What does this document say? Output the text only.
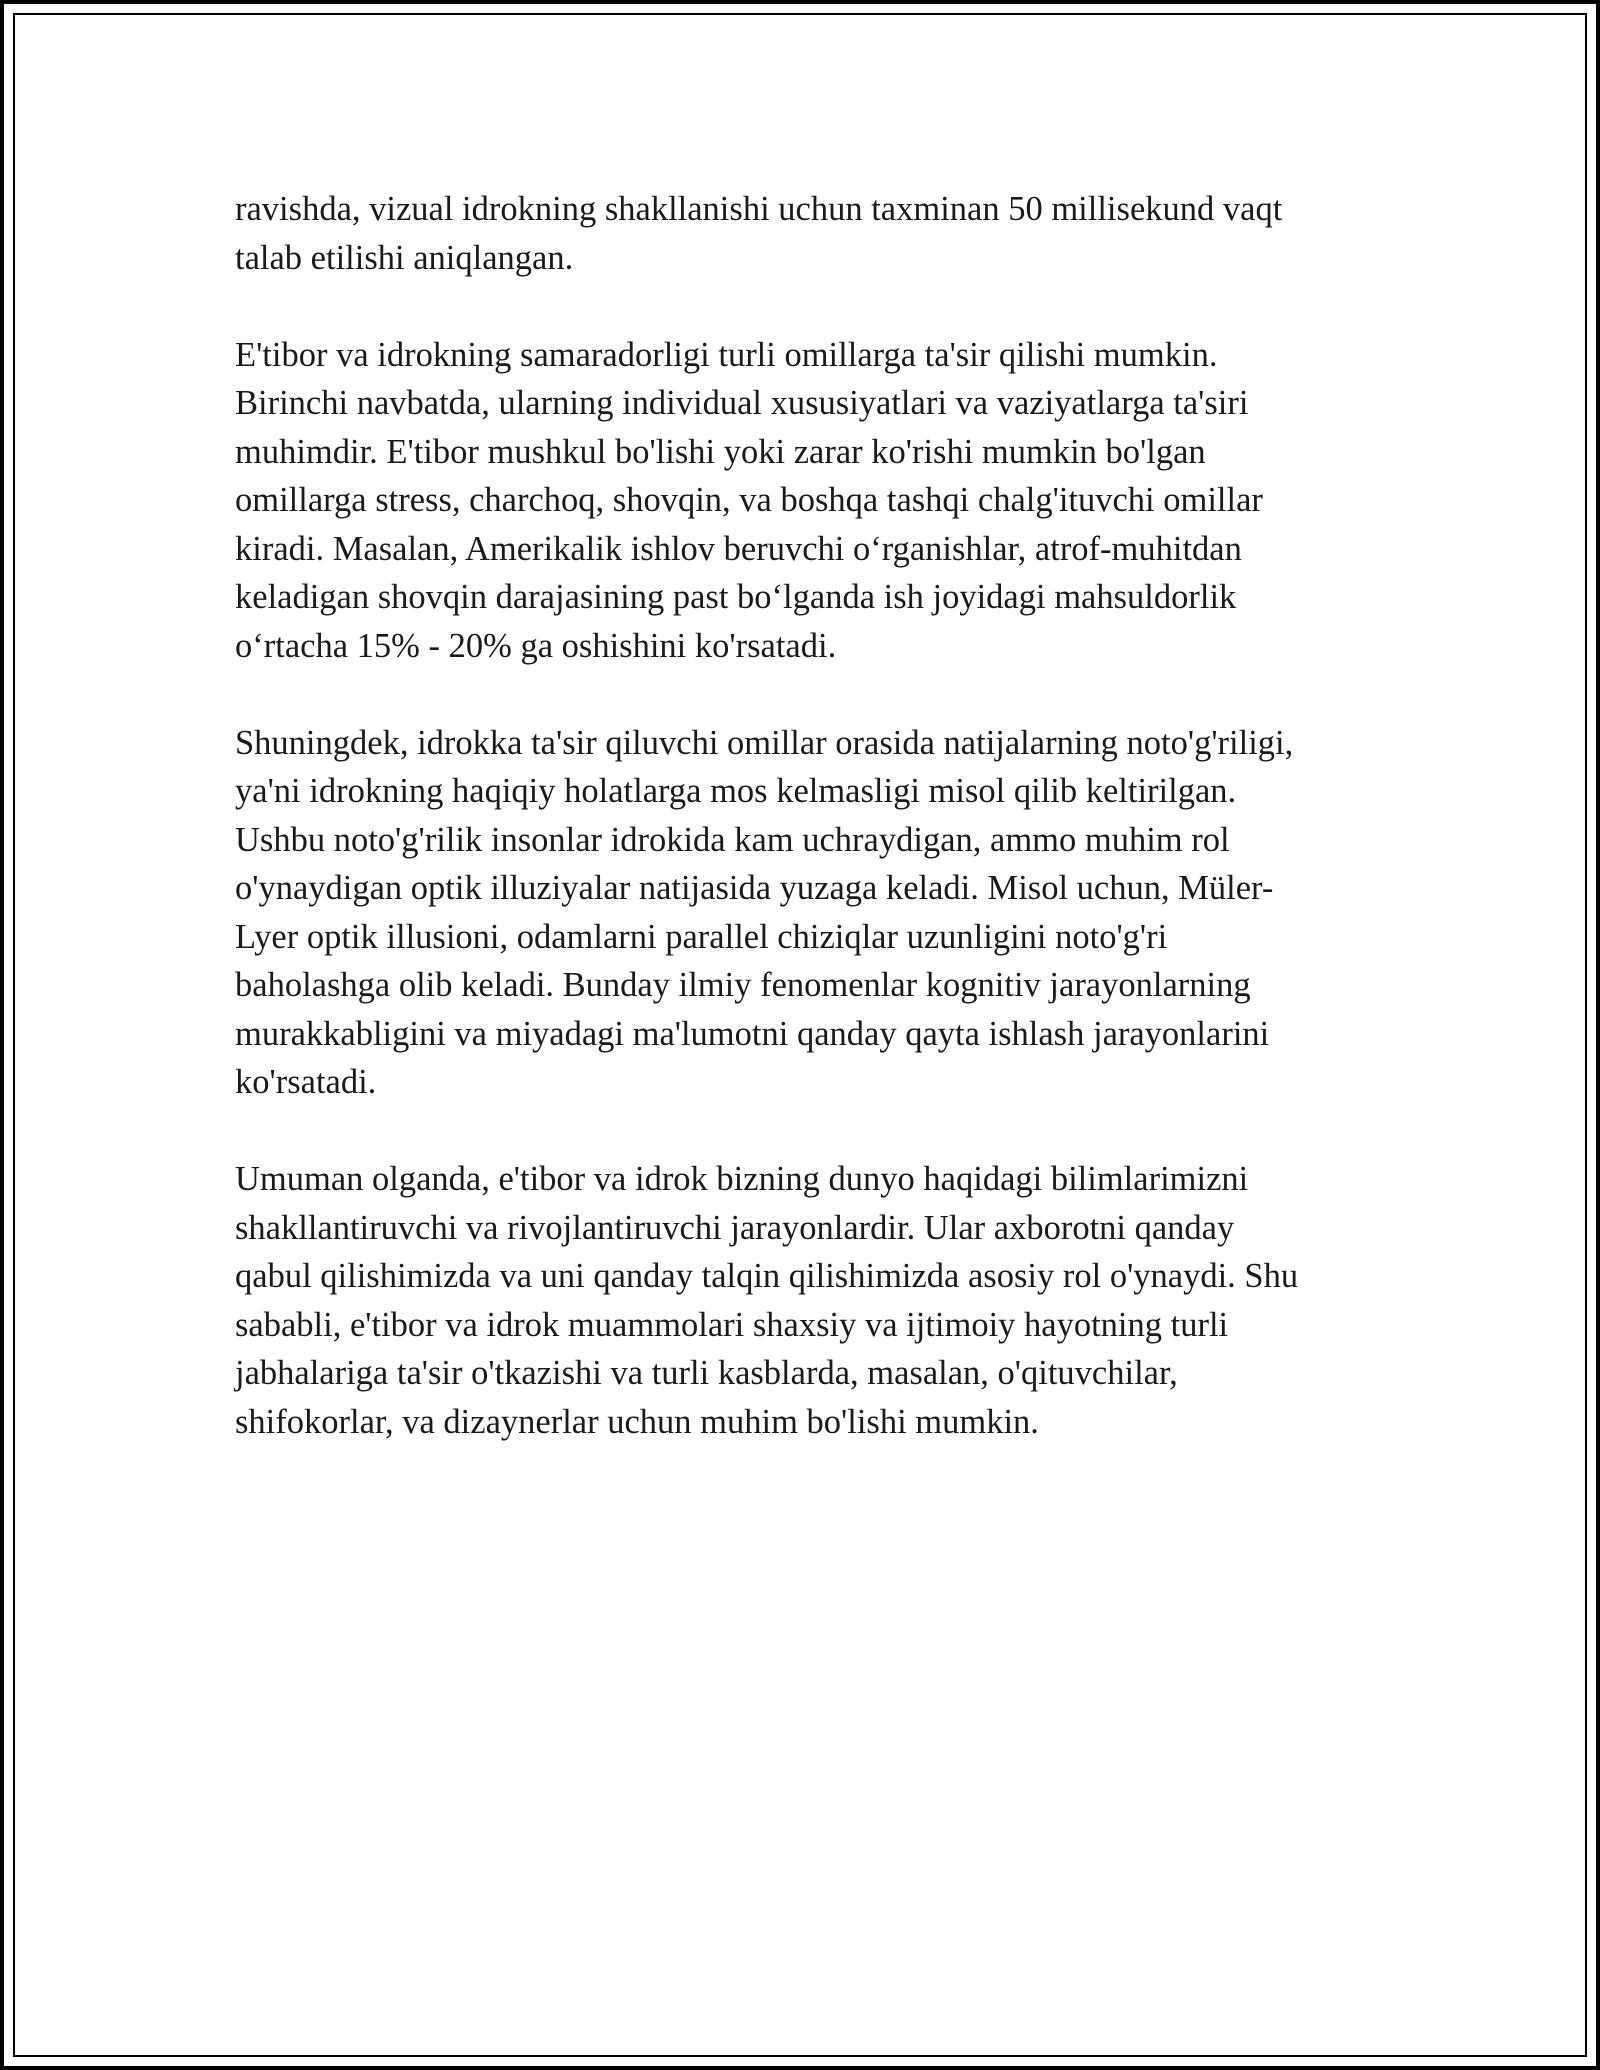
ravishda, vizual idrokning shakllanishi uchun taxminan 50 millisekund vaqt
talab etilishi aniqlangan.

E'tibor va idrokning samaradorligi turli omillarga ta'sir qilishi mumkin.
Birinchi navbatda, ularning individual xususiyatlari va vaziyatlarga ta'siri
muhimdir. E'tibor mushkul bo'lishi yoki zarar ko'rishi mumkin bo'lgan
omillarga stress, charchoq, shovqin, va boshqa tashqi chalg'ituvchi omillar
kiradi. Masalan, Amerikalik ishlov beruvchi o‘rganishlar, atrof-muhitdan
keladigan shovqin darajasining past bo‘lganda ish joyidagi mahsuldorlik
o‘rtacha 15% - 20% ga oshishini ko'rsatadi.

Shuningdek, idrokka ta'sir qiluvchi omillar orasida natijalarning noto'g'riligi,
ya'ni idrokning haqiqiy holatlarga mos kelmasligi misol qilib keltirilgan.
Ushbu noto'g'rilik insonlar idrokida kam uchraydigan, ammo muhim rol
o'ynaydigan optik illuziyalar natijasida yuzaga keladi. Misol uchun, Müler-
Lyer optik illusioni, odamlarni parallel chiziqlar uzunligini noto'g'ri
baholashga olib keladi. Bunday ilmiy fenomenlar kognitiv jarayonlarning
murakkabligini va miyadagi ma'lumotni qanday qayta ishlash jarayonlarini
ko'rsatadi.

Umuman olganda, e'tibor va idrok bizning dunyo haqidagi bilimlarimizni
shakllantiruvchi va rivojlantiruvchi jarayonlardir. Ular axborotni qanday
qabul qilishimizda va uni qanday talqin qilishimizda asosiy rol o'ynaydi. Shu
sababli, e'tibor va idrok muammolari shaxsiy va ijtimoiy hayotning turli
jabhalariga ta'sir o'tkazishi va turli kasblarda, masalan, o'qituvchilar,
shifokorlar, va dizaynerlar uchun muhim bo'lishi mumkin.
